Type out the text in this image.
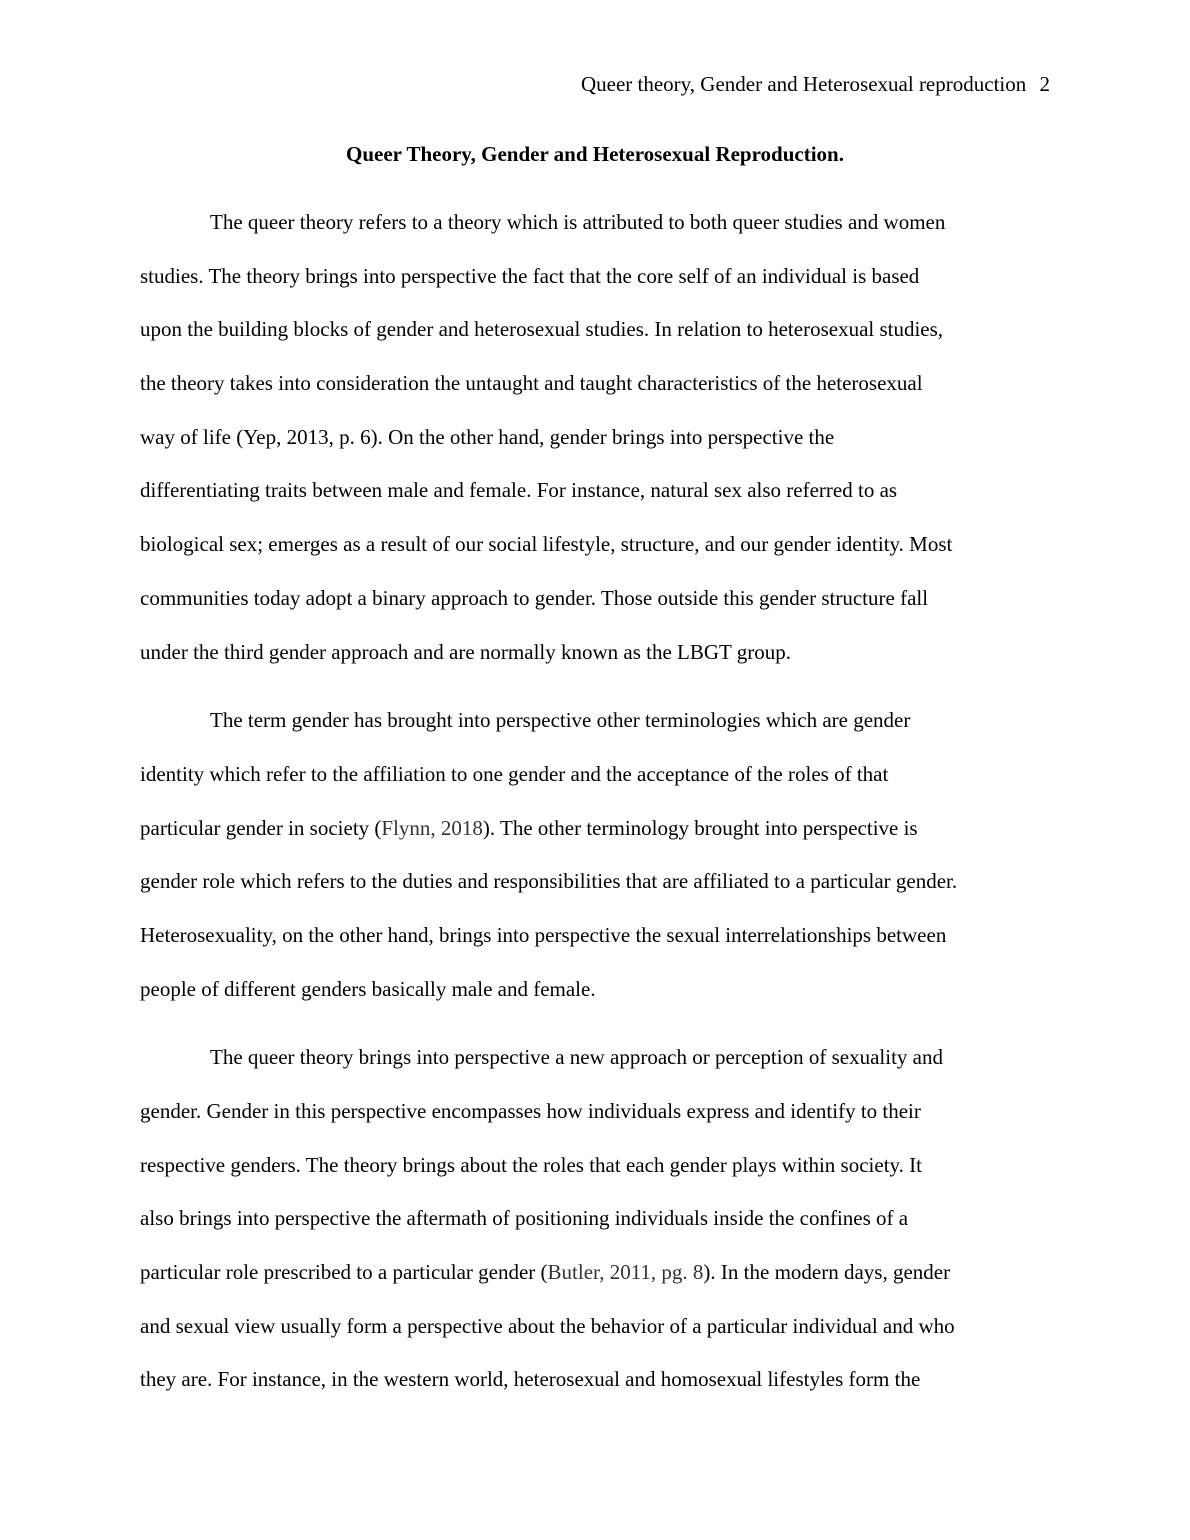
Queer theory, Gender and Heterosexual reproduction 2
Queer Theory, Gender and Heterosexual Reproduction.
The queer theory refers to a theory which is attributed to both queer studies and women
studies. The theory brings into perspective the fact that the core self of an individual is based
upon the building blocks of gender and heterosexual studies. In relation to heterosexual studies,
the theory takes into consideration the untaught and taught characteristics of the heterosexual
way of life (Yep, 2013, p. 6). On the other hand, gender brings into perspective the
differentiating traits between male and female. For instance, natural sex also referred to as
biological sex; emerges as a result of our social lifestyle, structure, and our gender identity. Most
communities today adopt a binary approach to gender. Those outside this gender structure fall
under the third gender approach and are normally known as the LBGT group.
The term gender has brought into perspective other terminologies which are gender
identity which refer to the affiliation to one gender and the acceptance of the roles of that
particular gender in society (Flynn, 2018). The other terminology brought into perspective is
gender role which refers to the duties and responsibilities that are affiliated to a particular gender.
Heterosexuality, on the other hand, brings into perspective the sexual interrelationships between
people of different genders basically male and female.
The queer theory brings into perspective a new approach or perception of sexuality and
gender. Gender in this perspective encompasses how individuals express and identify to their
respective genders. The theory brings about the roles that each gender plays within society. It
also brings into perspective the aftermath of positioning individuals inside the confines of a
particular role prescribed to a particular gender (Butler, 2011, pg. 8). In the modern days, gender
and sexual view usually form a perspective about the behavior of a particular individual and who
they are. For instance, in the western world, heterosexual and homosexual lifestyles form the
